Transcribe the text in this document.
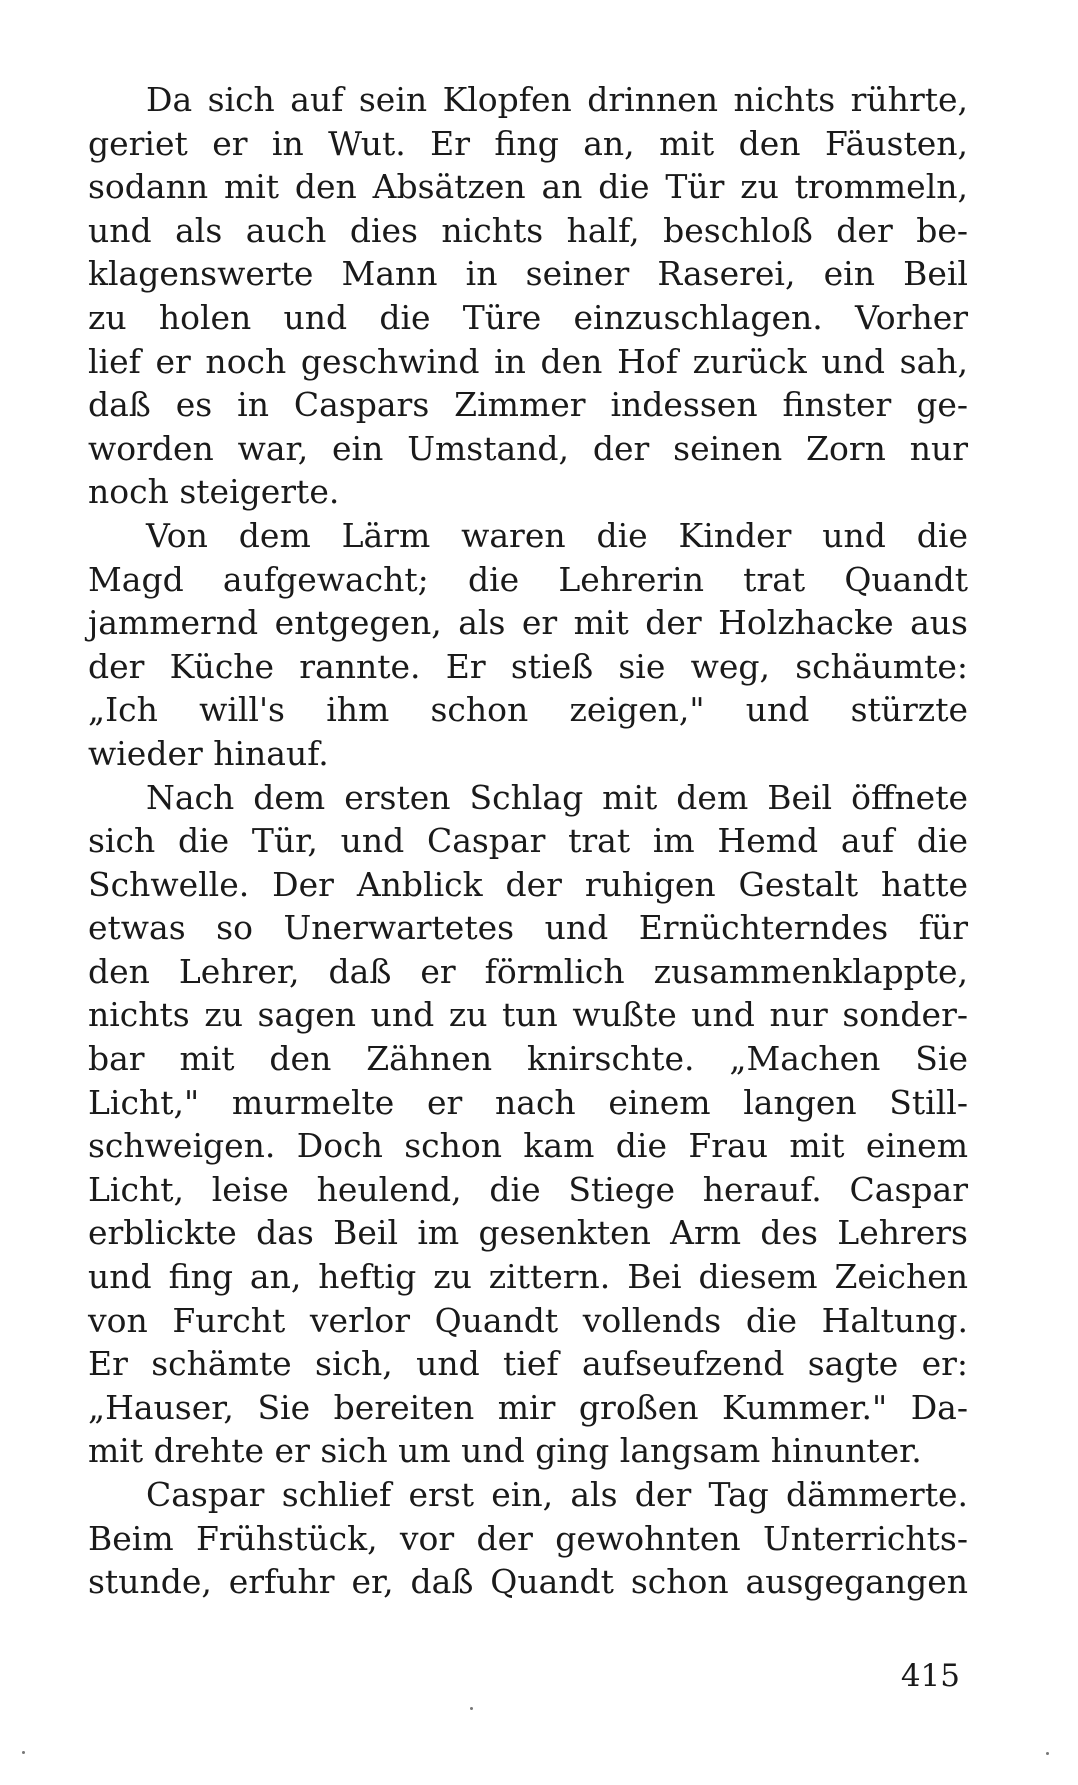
Da sich auf sein Klopfen drinnen nichts rührte,
geriet er in Wut. Er fing an, mit den Fäusten,
sodann mit den Absätzen an die Tür zu trommeln,
und als auch dies nichts half, beschloß der be-
klagenswerte Mann in seiner Raserei, ein Beil
zu holen und die Türe einzuschlagen. Vorher
lief er noch geschwind in den Hof zurück und sah,
daß es in Caspars Zimmer indessen finster ge-
worden war, ein Umstand, der seinen Zorn nur
noch steigerte.
Von dem Lärm waren die Kinder und die
Magd aufgewacht; die Lehrerin trat Quandt
jammernd entgegen, als er mit der Holzhacke aus
der Küche rannte. Er stieß sie weg, schäumte:
„Ich will's ihm schon zeigen," und stürzte
wieder hinauf.
Nach dem ersten Schlag mit dem Beil öffnete
sich die Tür, und Caspar trat im Hemd auf die
Schwelle. Der Anblick der ruhigen Gestalt hatte
etwas so Unerwartetes und Ernüchterndes für
den Lehrer, daß er förmlich zusammenklappte,
nichts zu sagen und zu tun wußte und nur sonder-
bar mit den Zähnen knirschte. „Machen Sie
Licht," murmelte er nach einem langen Still-
schweigen. Doch schon kam die Frau mit einem
Licht, leise heulend, die Stiege herauf. Caspar
erblickte das Beil im gesenkten Arm des Lehrers
und fing an, heftig zu zittern. Bei diesem Zeichen
von Furcht verlor Quandt vollends die Haltung.
Er schämte sich, und tief aufseufzend sagte er:
„Hauser, Sie bereiten mir großen Kummer." Da-
mit drehte er sich um und ging langsam hinunter.
Caspar schlief erst ein, als der Tag dämmerte.
Beim Frühstück, vor der gewohnten Unterrichts-
stunde, erfuhr er, daß Quandt schon ausgegangen
415
